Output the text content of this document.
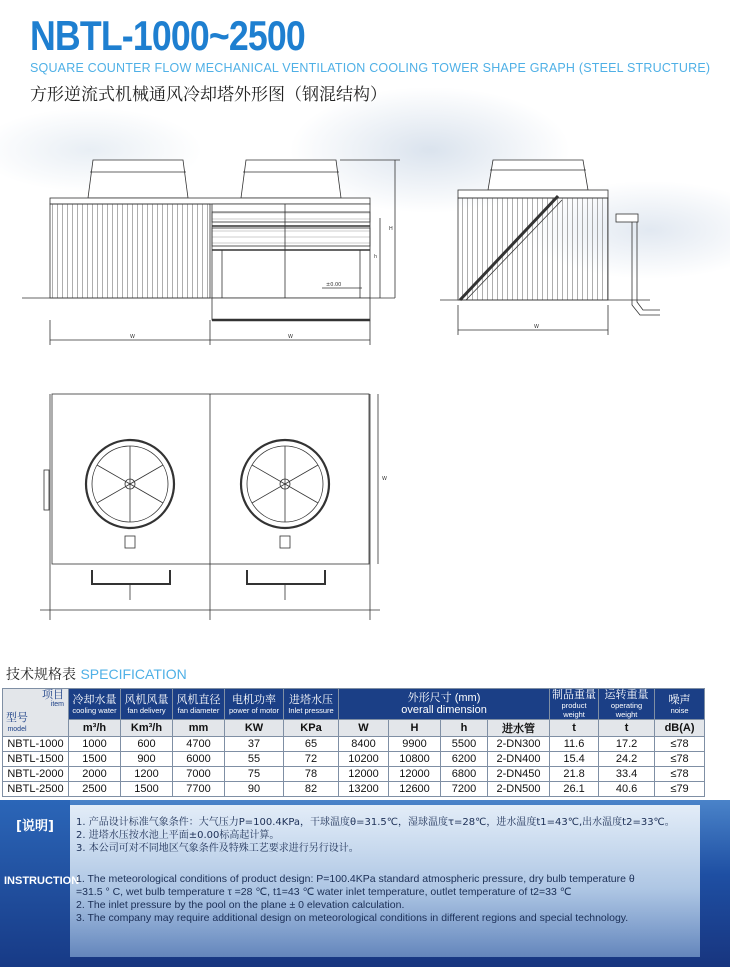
NBTL-1000~2500
SQUARE COUNTER FLOW MECHANICAL VENTILATION COOLING TOWER SHAPE GRAPH (STEEL STRUCTURE)
方形逆流式机械通风冷却塔外形图（钢混结构）
±0.00
W	W
H
h
W
W
技术规格表 SPECIFICATION
项目
item
型号
model	冷却水量
cooling water	风机风量
fan delivery	风机直径
fan diameter	电机功率
power of motor	进塔水压
Inlet pressure	外形尺寸 (mm)
overall dimension				制品重量
product weight	运转重量
operating weight	噪声
noise

	m³/h	Km³/h	mm	KW	KPa	W	H	h	进水管	t	t	dB(A)
NBTL-1000	1000	600	4700	37	65	8400	9900	5500	2-DN300	11.6	17.2	≤78
NBTL-1500	1500	900	6000	55	72	10200	10800	6200	2-DN400	15.4	24.2	≤78
NBTL-2000	2000	1200	7000	75	78	12000	12000	6800	2-DN450	21.8	33.4	≤78
NBTL-2500	2500	1500	7700	90	82	13200	12600	7200	2-DN500	26.1	40.6	≤79
[说明]
INSTRUCTION
1. 产品设计标准气象条件：大气压力P=100.4KPa，干球温度θ=31.5℃，湿球温度τ=28℃，进水温度t1=43℃,出水温度t2=33℃。
2. 进塔水压按水池上平面±0.00标高起计算。
3. 本公司可对不同地区气象条件及特殊工艺要求进行另行设计。
1. The meteorological conditions of product design: P=100.4KPa standard atmospheric pressure, dry bulb temperature θ
=31.5 ° C, wet bulb temperature τ =28 ℃, t1=43 ℃ water inlet temperature, outlet temperature of t2=33 ℃
2. The inlet pressure by the pool on the plane ± 0 elevation calculation.
3. The company may require additional design on meteorological conditions in different regions and special technology.
